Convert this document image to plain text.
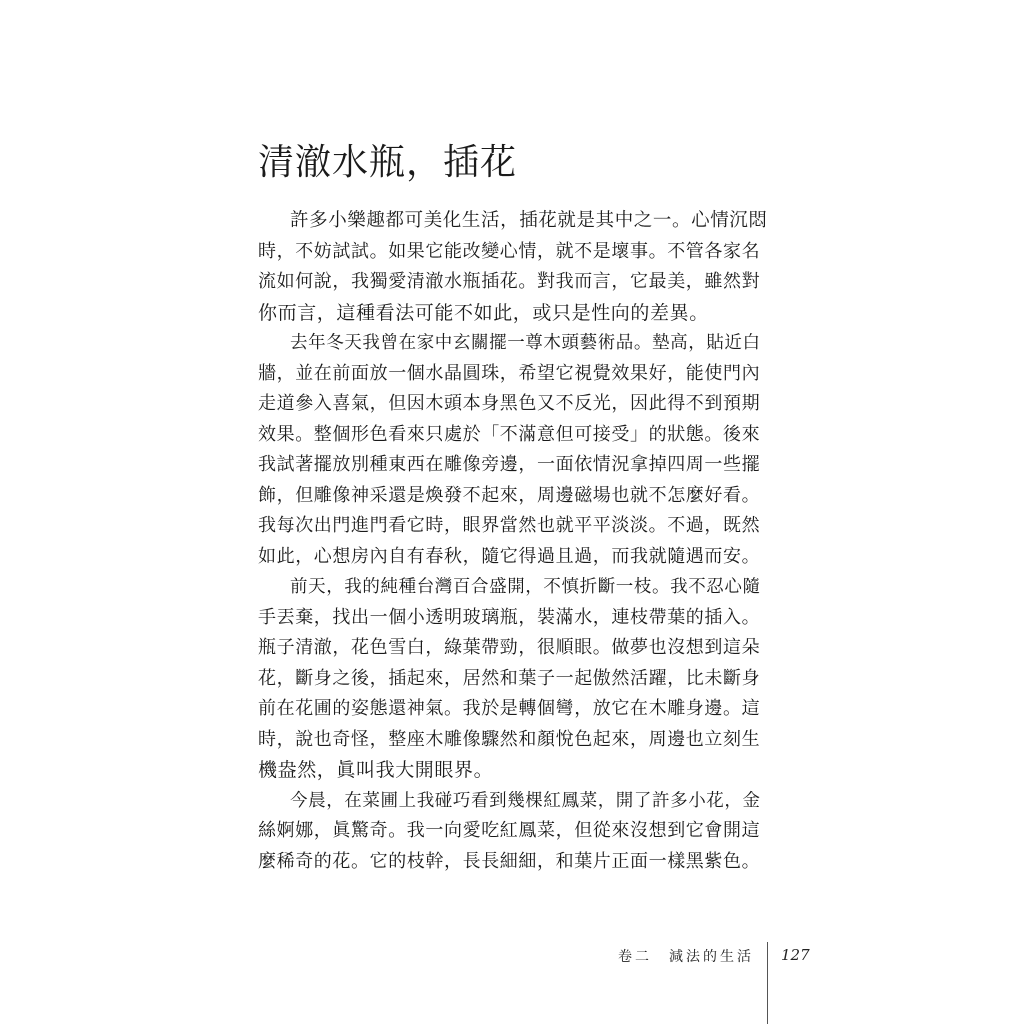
清澈水瓶，插花
許多小樂趣都可美化生活，插花就是其中之一。心情沉悶
時，不妨試試。如果它能改變心情，就不是壞事。不管各家名
流如何說，我獨愛清澈水瓶插花。對我而言，它最美，雖然對
你而言，這種看法可能不如此，或只是性向的差異。
去年冬天我曾在家中玄關擺一尊木頭藝術品。墊高，貼近白
牆，並在前面放一個水晶圓珠，希望它視覺效果好，能使門內
走道參入喜氣，但因木頭本身黑色又不反光，因此得不到預期
效果。整個形色看來只處於「不滿意但可接受」的狀態。後來
我試著擺放別種東西在雕像旁邊，一面依情況拿掉四周一些擺
飾，但雕像神采還是煥發不起來，周邊磁場也就不怎麼好看。
我每次出門進門看它時，眼界當然也就平平淡淡。不過，既然
如此，心想房內自有春秋，隨它得過且過，而我就隨遇而安。
前天，我的純種台灣百合盛開，不慎折斷一枝。我不忍心隨
手丟棄，找出一個小透明玻璃瓶，裝滿水，連枝帶葉的插入。
瓶子清澈，花色雪白，綠葉帶勁，很順眼。做夢也沒想到這朵
花，斷身之後，插起來，居然和葉子一起傲然活躍，比未斷身
前在花圃的姿態還神氣。我於是轉個彎，放它在木雕身邊。這
時，說也奇怪，整座木雕像驟然和顏悅色起來，周邊也立刻生
機盎然，眞叫我大開眼界。
今晨，在菜圃上我碰巧看到幾棵紅鳳菜，開了許多小花，金
絲婀娜，眞驚奇。我一向愛吃紅鳳菜，但從來沒想到它會開這
麼稀奇的花。它的枝幹，長長細細，和葉片正面一樣黑紫色。
卷二　減法的生活 127
